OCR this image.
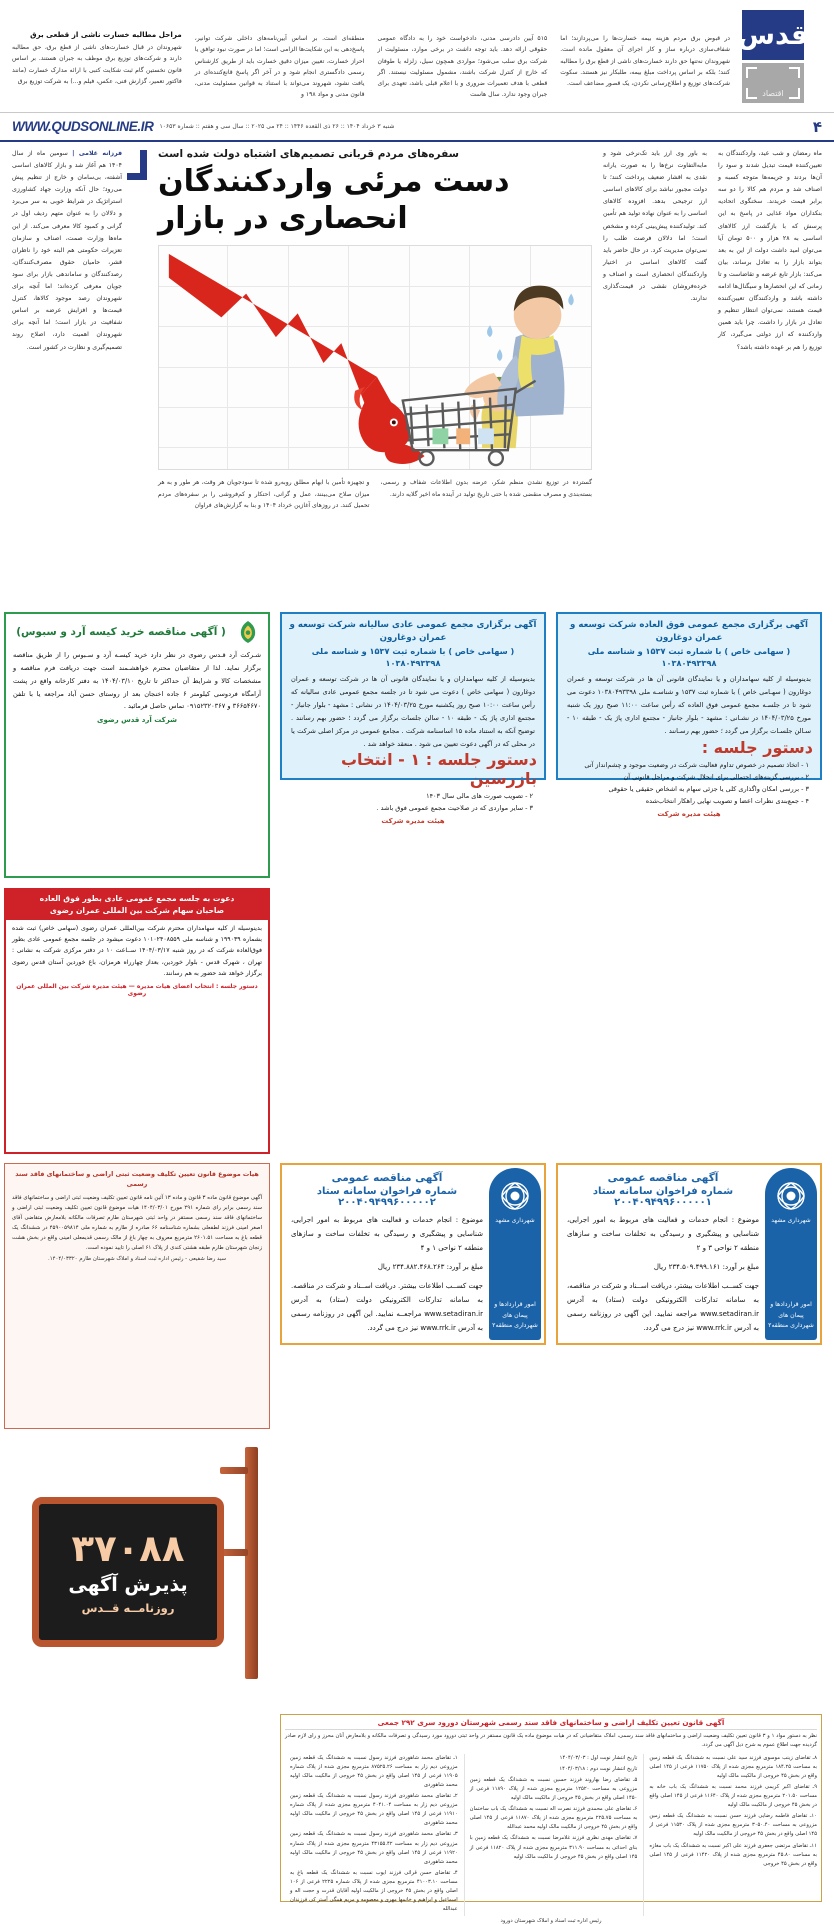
قدس
اقتصاد

در قبوض برق مردم هزینه بیمه خسارت‌ها را می‌پردازند؛ اما شفاف‌سازی درباره ساز و کار اجرای آن معقول مانده است. شهروندان نه‌تنها حق دارند خسارت‌های ناشی از قطع برق را مطالبه کنند؛ بلکه بر اساس پرداخت مبلغ بیمه، طلبکار نیز هستند. سکوت شرکت‌های توزیع و اطلاع‌رسانی نکردن، یک قصور مضاعف است.

۵۱۵ آیین دادرسی مدنی، دادخواست خود را به دادگاه عمومی حقوقی ارائه دهد. باید توجه داشت در برخی موارد، مسئولیت از شرکت برق سلب می‌شود؛ مواردی همچون سیل، زلزله یا طوفان که خارج از کنترل شرکت باشند، مشمول مسئولیت نیستند. اگر قطعی با هدف تعمیرات ضروری و با اعلام قبلی باشد، تعهدی برای جبران وجود ندارد. سال هاست

منطقه‌ای است. بر اساس آیین‌نامه‌های داخلی شرکت توانیر، پاسخ‌دهی به این شکایت‌ها الزامی است؛ اما در صورت نبود توافق یا احراز خسارت، تعیین میزان دقیق خسارت باید از طریق کارشناس رسمی دادگستری انجام شود و در آخر اگر پاسخ قانع‌کننده‌ای در یافت نشود، شهروند می‌تواند با استناد به قوانین مسئولیت مدنی، قانون مدنی و مواد ۱۹۸ و

مراحل مطالبه خسارت ناشی از قطعی برق

شهروندان در قبال خسارت‌های ناشی از قطع برق، حق مطالبه دارند و شرکت‌های توزیع برق موظف به جبران هستند. بر اساس قانون نخستین گام ثبت شکایت کتبی با ارائه مدارک خسارت (مانند فاکتور تعمیر، گزارش فنی، عکس، فیلم و...) به شرکت توزیع برق

۴
شنبه ۳ خرداد ۱۴۰۴ :: ۲۶ ذی القعده ۱۴۴۶ :: ۲۴ می ۲۰۲۵ :: سال سی و هفتم :: شماره ۱۰۶۵۳
WWW.QUDSONLINE.IR

ماه رمضان و شب عید، واردکنندگان به تعیین‌کننده قیمت تبدیل شدند و سود را آن‌ها بردند و جریمه‌ها متوجه کسبه و اصناف شد و مردم هم کالا را دو سه برابر قیمت خریدند. سخنگوی اتحادیه بنکداران مواد غذایی در پاسخ به این پرسش که با بازگشت ارز کالاهای اساسی به ۲۸ هزار و ۵۰۰ تومان آیا می‌توان امید داشت دولت از این به بعد بتواند بازار را به تعادل برساند، بیان می‌کند: بازار تابع عرضه و تقاضاست و تا زمانی که این انحصارها و سیگنال‌ها ادامه داشته باشد و واردکنندگان تعیین‌کننده قیمت هستند، نمی‌توان انتظار تنظیم و تعادل در بازار را داشت. چرا باید همین واردکننده که ارز دولتی می‌گیرد، کار توزیع را هم بر عهده داشته باشد؟

به باور وی ارز باید تک‌نرخی شود و مابه‌التفاوت نرخ‌ها را به صورت یارانه نقدی به اقشار ضعیف پرداخت کنند؛ تا دولت مجبور نباشد برای کالاهای اساسی ارز ترجیحی بدهد. افزوده کالاهای اساسی را به عنوان نهاده تولید هم تأمین کند. تولیدکننده پیش‌بینی کرده و مشخص است؛ اما دلالان فرصت طلب را نمی‌توان مدیریت کرد. در حال حاضر باید گفت کالاهای اساسی در اختیار واردکنندگان انحصاری است و اصناف و خرده‌فروشان نقشی در قیمت‌گذاری ندارند.

سفره‌های مردم قربانی تصمیم‌های اشتباه دولت شده است
دست مرئی واردکنندگان
انحصاری در بازار

گسترده در توزیع نشدن منظم شکر، عرضه بدون اطلاعات شفاف و رسمی، بسته‌بندی و مصرف منقضی شده با حتی تاریخ تولید در آینده ماه اخیر گلایه دارند.

و تجهیزه تأمین با ابهام مطلق روبه‌رو شده تا سودجویان هر وقت، هر طور و به هر میزان صلاح می‌بینند، عمل و گرانی، احتکار و کم‌فروشی را بر سفره‌های مردم تحمیل کنند. در روزهای آغازین خرداد ۱۴۰۴ و بنا به گزارش‌های فراوان

فرزانه غلامی | سومین ماه از سال ۱۴۰۴ هم آغاز شد و بازار کالاهای اساسی آشفته، بی‌سامان و خارج از تنظیم پیش می‌رود؛ حال آنکه وزارت جهاد کشاورزی استراتژیک در شرایط خوبی به سر می‌برد و دلالان را به عنوان متهم ردیف اول در گرانی و کمبود کالا معرفی می‌کند. از این ماه‌ها وزارت صمت، اصناف و سازمان تعزیرات حکومتی هم البته خود را ناظران قشر، حامیان حقوق مصرف‌کنندگان، رصدکنندگان و ساماندهی بازار برای سود جویان معرفی کرده‌اند؛ اما آنچه برای شهروندان رصد موجود کالاها، کنترل قیمت‌ها و افزایش عرضه بر اساس شفافیت در بازار است؛ اما آنچه برای شهروندان اهمیت دارد، اصلاح روند تصمیم‌گیری و نظارت در کشور است.

آگهی برگزاری مجمع عمومی فوق العاده شرکت توسعه و عمران دوغارون
( سهامی خاص ) با شماره ثبت ۱۵۳۷ و شناسه ملی ۱۰۳۸۰۴۹۳۳۹۸
بدینوسیله از کلیه سهامداران و یا نمایندگان قانونی آن ها در شرکت توسعه و عمران دوغارون ( سهـامی خاص ) با شماره ثبت ۱۵۳۷ و شناسـه ملی ۱۰۳۸۰۴۹۳۳۹۸ دعوت می شود تا در جلسـه مجمع عمومی فوق العاده که رأس ساعت ۱۱:۰۰ صبح روز یک شنبه مورخ ۱۴۰۴/۰۳/۲۵ در نشـانی : مشهد - بلوار جانباز - مجتمع اداری پاژ یک - طبقه ۱۰ - سـالن جلسـات برگزار می گردد ؛ حضور بهم رسـانند .
دستور جلسه :
۱ - اتخاذ تصمیم در خصوص تداوم فعالیت شرکت در وضعیت موجود و چشم‌انداز آتی
۲ - بررسی گزینه‌های احتمالی برای انحلال شرکت و مراحل قانونی آن
۳ - بررسی امکان واگذاری کلی یا جزئی سهام به اشخاص حقیقی یا حقوقی
۴ - جمع‌بندی نظرات اعضا و تصویب نهایی راهکار انتخاب‌شده
هیئت مدیره شرکت
آگهی برگزاری مجمع عمومی عادی سالیانه شرکت توسعه و عمران دوغارون
( سهامی خاص ) با شماره ثبت ۱۵۳۷ و شناسه ملی ۱۰۳۸۰۴۹۳۳۹۸
بدینوسیله از کلیه سهامداران و یا نمایندگان قانونی آن ها در شرکت توسعه و عمران دوغارون ( سهامی خاص ) دعوت می شود تا در جلسه مجمع عمومی عادی سالیانه که رأس ساعت ۱۰:۰۰ صبح روز یکشنبه مورخ ۱۴۰۴/۰۳/۲۵ در نشانی : مشهد - بلوار جانباز - مجتمع اداری پاژ یک - طبقه ۱۰ - سالن جلسات برگزار می گردد ؛ حضور بهم رسانند . توضیح آنکه به استناد ماده ۱۵ اساسنامه شرکت . مجامع عمومی در مرکز اصلی شرکت یا در محلی که در آگهی دعوت تعیین می شود . منعقد خواهد شد .
دستور جلسه : ۱ - انتخاب بازرسین
۲ - تصویب صورت های مالی سال ۱۴۰۳
۳ - سایر مواردی که در صلاحیت مجمع عمومی فوق باشد .
هیئت مدیره شرکت
( آگهی مناقصه خرید کیسه آرد و سبوس)
شـرکت آرد قـدس رضوی در نظر دارد خرید کیسـه آرد و سـبوس را از طریق مناقصه برگزار نماید. لذا از متقاضیان محترم خواهشـمند است جهت دریافت فرم مناقصه و مشخصات کالا و شرایط آن حداکثر تا تاریخ ۱۴۰۴/۰۳/۱۰ به دفتر کارخانه واقع در پشت آرامگاه فردوسی کیلومتر ۶ جاده اخنجان بعد از روستای حسن آباد مراجعه یا با تلفن ۳۶۶۵۴۶۷۰ و ۰۹۱۵۲۳۲۰۳۶۷ تماس حاصل فرمائید .
شرکت آرد قدس رضوی
دعوت به جلسه مجمع عمومی عادی بطور فوق العاده
صاحبان سهام شرکت بین المللی عمران رضوی
بدینوسیله از کلیه سهامداران محترم شرکت بین‌المللی عمران رضوی (سهامی خاص) ثبت شده بشماره ۱۹۹۰۳۹ و شناسه ملی ۱۰۱۰۲۴۰۸۵۵۹ دعوت میشود در جلسه مجمع عمومی عادی بطور فوق‌العاده شرکت که در روز شنبه ۱۴۰۴/۰۳/۱۷ ســاعت ۱۰ در دفتر مرکزی شرکت به نشانی : تهران ، شهرک قدس - بلوار خوردین، بعداز چهارراه هرمزان، باغ خوردین آستان قدس رضوی برگزار خواهد شد حضور به هم رسانند.
دستور جلسه : انتخاب اعضای هیات مدیره — هیئت مدیره شرکت بین المللی عمران رضوی
شهرداری مشهد
امور قراردادها و پیمان های شهرداری منطقه۲
آگهی مناقصه عمومی
شماره فراخوان سامانه ستاد ۲۰۰۴۰۹۴۹۹۶۰۰۰۰۰۱
موضوع : انجام خدمات و فعالیت های مربوط به امور اجرایی، شناسایی و پیشگیری و رسیدگی به تخلفات ساخت و سازهای منطقه ۲ نواحی ۳ و ۲
مبلغ بر آورد: ۲۳۴.۵۰۹.۴۹۹.۱۶۱ ریال
جهت کســب اطلاعات بیشتر، دریافت اســناد و شرکت در مناقصه، به سامانه تدارکات الکترونیکی دولت (ستاد) به آدرس www.setadiran.ir مراجعه نمایید. این آگهی در روزنامه رسمی به آدرس www.rrk.ir نیز درج می گردد.
شهرداری مشهد
امور قراردادها و پیمان های شهرداری منطقه۲
آگهی مناقصه عمومی
شماره فراخوان سامانه ستاد ۲۰۰۴۰۹۴۹۹۶۰۰۰۰۰۲
موضوع : انجام خدمات و فعالیت های مربوط به امور اجرایی، شناسایی و پیشگیری و رسیدگی به تخلفات ساخت و سازهای منطقه ۲ نواحی ۱ و ۴
مبلغ بر آورد: ۲۳۴.۸۸۲.۴۶۸.۲۶۳ ریال
جهت کســب اطلاعات بیشتر. دریافت اســناد و شرکت در مناقصه. به سامانه تدارکات الکترونیکی دولت (ستاد) به آدرس www.setadiran.ir مراجعــه نمایید. این آگهی در روزنامه رسمی به آدرس www.rrk.ir نیز درج می گردد.
هیات موضوع قانون تعیین تکلیف وضعیت ثبتی اراضی و ساختمانهای فاقد سند رسمی
آگهی موضوع قانون ماده ۳ قانون و ماده ۱۳ آئین نامه قانون تعیین تکلیف وضعیت ثبتی اراضی و ساختمانهای فاقد سند رسمی برابر رای شماره ۲۹۱ مورخ ۱۴۰۴/۰۳/۰۱ هیات موضوع قانون تعیین تکلیف وضعیت ثبتی اراضی و ساختمانهای فاقد سند رسمی مستقر در واحد ثبتی شهرستان طارم تصرفات مالکانه بلامعارض متقاضی آقای اصغر امینی فرزند لطفعلی بشماره شناسنامه ۶۶ صادره از طارم به شماره ملی ۴۵۹۰۰۵۹۸۱۴ در ششدانگ یک قطعه باغ به مساحت ۲۶۰۱.۵۱ مترمربع معروف به چهار باغ از مالک رسمی قدیمعلی امینی واقع در بخش هشت زنجان شهرستان طارم طبقه هشتی کندی از پلاک ۶۱ اصلی را تایید نموده است.
سید رضا شفیعی - رئیس اداره ثبت اسناد و املاک شهرستان طارم ۱۴۰۴/۰۳۳۲۰.
۳۷۰۸۸
پذیرش آگهی
روزنامــه قــدس
آگهی قانون تعیین تکلیف اراضی و ساختمانهای فاقد سند رسمی شهرستان دورود سری ۲۹۲ جمعی
نظر به دستور مواد ۱ و ۳ قانون تعیین تکلیف وضعیت اراضی و ساختمانهای فاقد سند رسمی، املاک متقاضیانی که در هیات موضوع ماده یک قانون مستقر در واحد ثبتی دورود مورد رسیدگی و تصرفات مالکانه و بلامعارض آنان محرز و رای لازم صادر گردیده جهت اطلاع عموم به شرح ذیل آگهی می گردد.

۸ـ تقاضای زینب موسوی فرزند سید علی نسبت به ششدانگ یک قطعه زمین به مساحت ۱۸۴.۲۵ مترمربع مجزی شده از پلاک ۱۱۷۵۰ فرعی از ۱۴۵ اصلی واقع در بخش ۴۵ خروجی از مالکیت مالک اولیه

۹ـ تقاضای اکبر کریمی فرزند محمد نسبت به ششدانگ یک باب خانه به مساحت ۲۰۱.۵۰ مترمربع مجزی شده از پلاک ۱۱۶۴۰ فرعی از ۱۴۵ اصلی واقع در بخش ۴۵ خروجی از مالکیت مالک اولیه

۱۰ـ تقاضای فاطمه رضایی فرزند حسن نسبت به ششدانگ یک قطعه زمین مزروعی به مساحت ۳۰۵۰.۴۰ مترمربع مجزی شده از پلاک ۱۱۵۳۰ فرعی از ۱۴۵ اصلی واقع در بخش ۴۵ خروجی از مالکیت مالک اولیه

۱۱ـ تقاضای مرتضی جعفری فرزند علی اکبر نسبت به ششدانگ یک باب مغازه به مساحت ۴۵.۸۰ مترمربع مجزی شده از پلاک ۱۱۴۲۰ فرعی از ۱۴۵ اصلی واقع در بخش ۴۵ خروجی

تاریخ انتشار نوبت اول : ۱۴۰۴/۰۳/۰۳

تاریخ انتشار نوبت دوم : ۱۴۰۴/۰۳/۱۸

۵ـ تقاضای رضا بهاروند فرزند حسین نسبت به ششدانگ یک قطعه زمین مزروعی به مساحت ۱۲۵۲۰ مترمربع مجزی شده از پلاک ۱۱۸۹۰ فرعی از ۱۴۵۰ اصلی واقع در بخش ۴۵ خروجی از مالکیت مالک اولیه

۶ـ تقاضای علی محمدی فرزند نصرت اله نسبت به ششدانگ یک باب ساختمان به مساحت ۲۲۵.۷۵ مترمربع مجزی شده از پلاک ۱۱۸۷۰ فرعی از ۱۴۵ اصلی واقع در بخش ۴۵ خروجی از مالکیت مالک اولیه محمد عبدالله

۷ـ تقاضای مهدی نظری فرزند غلامرضا نسبت به ششدانگ یک قطعه زمین با بنای احداثی به مساحت ۳۱۱.۹۰ مترمربع مجزی شده از پلاک ۱۱۸۲۰ فرعی از ۱۴۵ اصلی واقع در بخش ۴۵ خروجی از مالکیت مالک اولیه

۱ـ تقاضای محمد شاهوردی فرزند رسول نسبت به ششدانگ یک قطعه زمین مزروعی دیم زار به مساحت ۸۷۵۲۵.۲۶ مترمربع مجزی شده از پلاک شماره ۱۱۹۰۵ فرعی از ۱۴۵ اصلی واقع در بخش ۴۵ خروجی از مالکیت مالک اولیه محمد شاهوردی

۲ـ تقاضای محمد شاهوردی فرزند رسول نسبت به ششدانگ یک قطعه زمین مزروعی دیم زار به مساحت ۴۰۴۱.۰۴ مترمربع مجزی شده از پلاک شماره ۱۱۹۱۰ فرعی از ۱۴۵ اصلی واقع در بخش ۴۵ خروجی از مالکیت مالک اولیه محمد شاهوردی

۳ـ تقاضای محمد شاهوردی فرزند رسول نسبت به ششدانگ یک قطعه زمین مزروعی دیم زار به مساحت ۴۳۱۵۵.۴۲ مترمربع مجزی شده از پلاک شماره ۱۱۹۲۰ فرعی از ۱۴۵ اصلی واقع در بخش ۴۵ خروجی از مالکیت مالک اولیه محمد شاهوردی

۴ـ تقاضای حسن قرائی فرزند ایوب نسبت به ششدانگ یک قطعه باغ به مساحت ۴۱۰۰۳.۱۰ مترمربع مجزی شده از پلاک شماره ۲۲۲۵ فرعی از ۱۰۶ اصلی واقع در بخش ۴۵ خروجی از مالکیت اولیه آقایان قدرت و حجت اله و اسماعیل و ابراهیم و خانمها مهری و معصومه و مریم همگی آستر کی فرزندان عبدالله

رئیس اداره ثبت اسناد و املاک شهرستان دورود
